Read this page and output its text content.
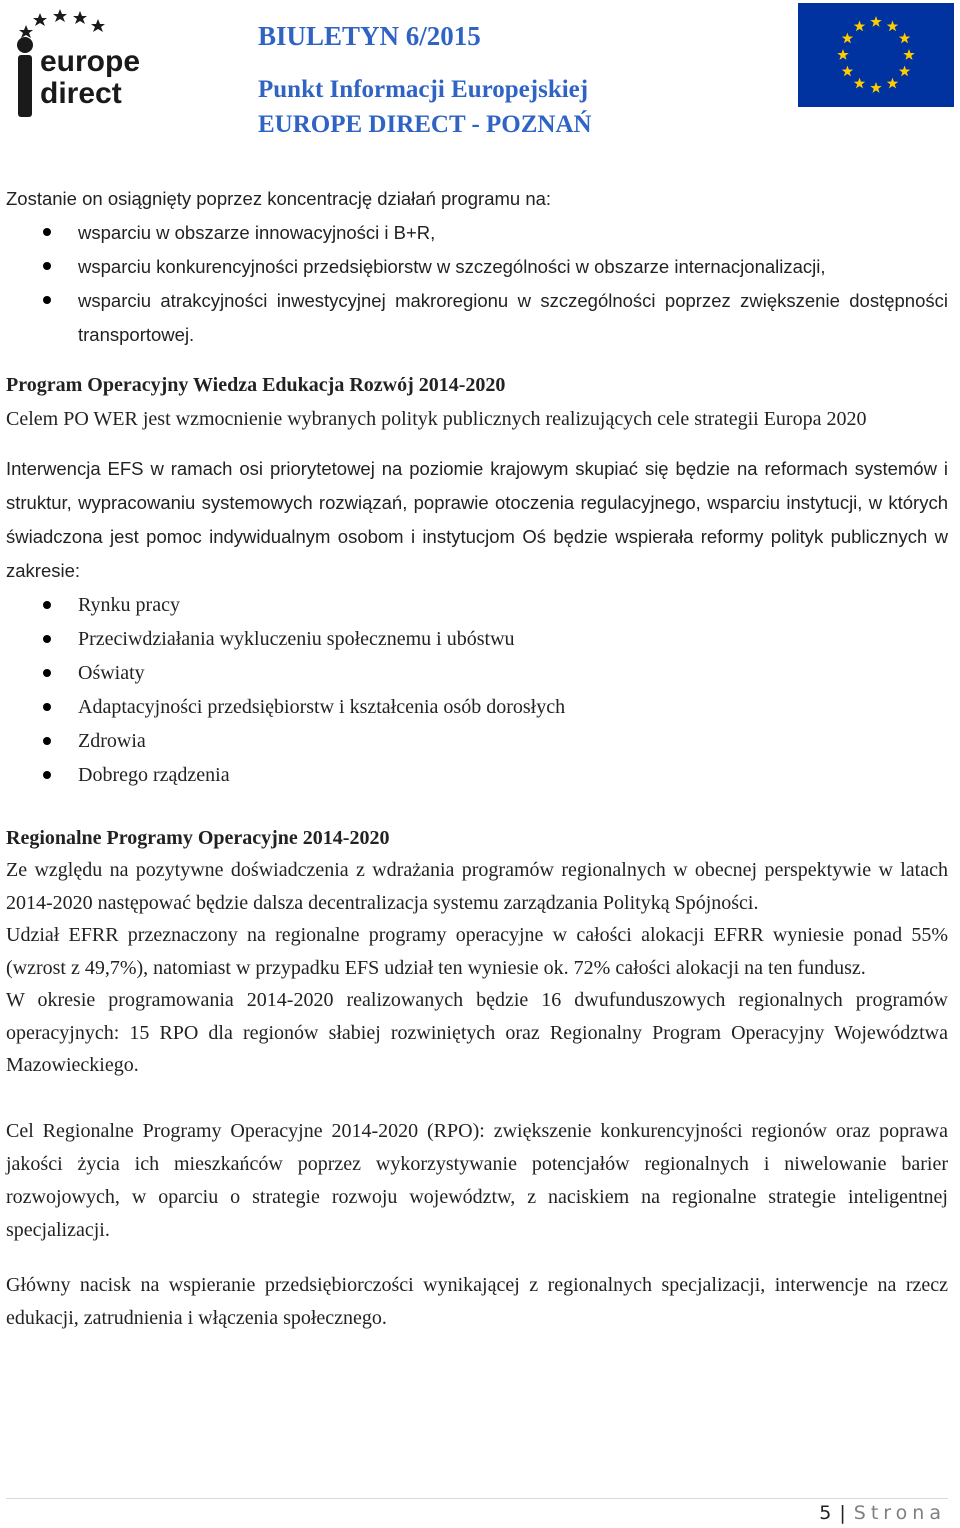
europe
direct

BIULETYN 6/2015

Punkt Informacji Europejskiej

EUROPE DIRECT - POZNAŃ

Zostanie on osiągnięty poprzez koncentrację działań programu na:

wsparciu w obszarze innowacyjności i B+R,
wsparciu konkurencyjności przedsiębiorstw w szczególności w obszarze internacjonalizacji,
wsparciu atrakcyjności inwestycyjnej makroregionu w szczególności poprzez zwiększenie dostępności transportowej.

Program Operacyjny Wiedza Edukacja Rozwój 2014-2020

Celem PO WER jest wzmocnienie wybranych polityk publicznych realizujących cele strategii Europa 2020

Interwencja EFS w ramach osi priorytetowej na poziomie krajowym skupiać się będzie na reformach systemów i struktur, wypracowaniu systemowych rozwiązań, poprawie otoczenia regulacyjnego, wsparciu instytucji, w których świadczona jest pomoc indywidualnym osobom i instytucjom Oś będzie wspierała reformy polityk publicznych w zakresie:

Rynku pracy
Przeciwdziałania wykluczeniu społecznemu i ubóstwu
Oświaty
Adaptacyjności przedsiębiorstw i kształcenia osób dorosłych
Zdrowia
Dobrego rządzenia

Regionalne Programy Operacyjne 2014-2020

Ze względu na pozytywne doświadczenia z wdrażania programów regionalnych w obecnej perspektywie w latach 2014-2020 następować będzie dalsza decentralizacja systemu zarządzania Polityką Spójności.

Udział EFRR przeznaczony na regionalne programy operacyjne w całości alokacji EFRR wyniesie ponad 55% (wzrost z 49,7%), natomiast w przypadku EFS udział ten wyniesie ok. 72% całości alokacji na ten fundusz.

W okresie programowania 2014-2020 realizowanych będzie 16 dwufunduszowych regionalnych programów operacyjnych: 15 RPO dla regionów słabiej rozwiniętych oraz Regionalny Program Operacyjny Województwa Mazowieckiego.

Cel Regionalne Programy Operacyjne 2014-2020 (RPO): zwiększenie konkurencyjności regionów oraz poprawa jakości życia ich mieszkańców poprzez wykorzystywanie potencjałów regionalnych i niwelowanie barier rozwojowych, w oparciu o strategie rozwoju województw, z naciskiem na regionalne strategie inteligentnej specjalizacji.

Główny nacisk na wspieranie przedsiębiorczości wynikającej z regionalnych specjalizacji, interwencje na rzecz edukacji, zatrudnienia i włączenia społecznego.

5 | Strona
